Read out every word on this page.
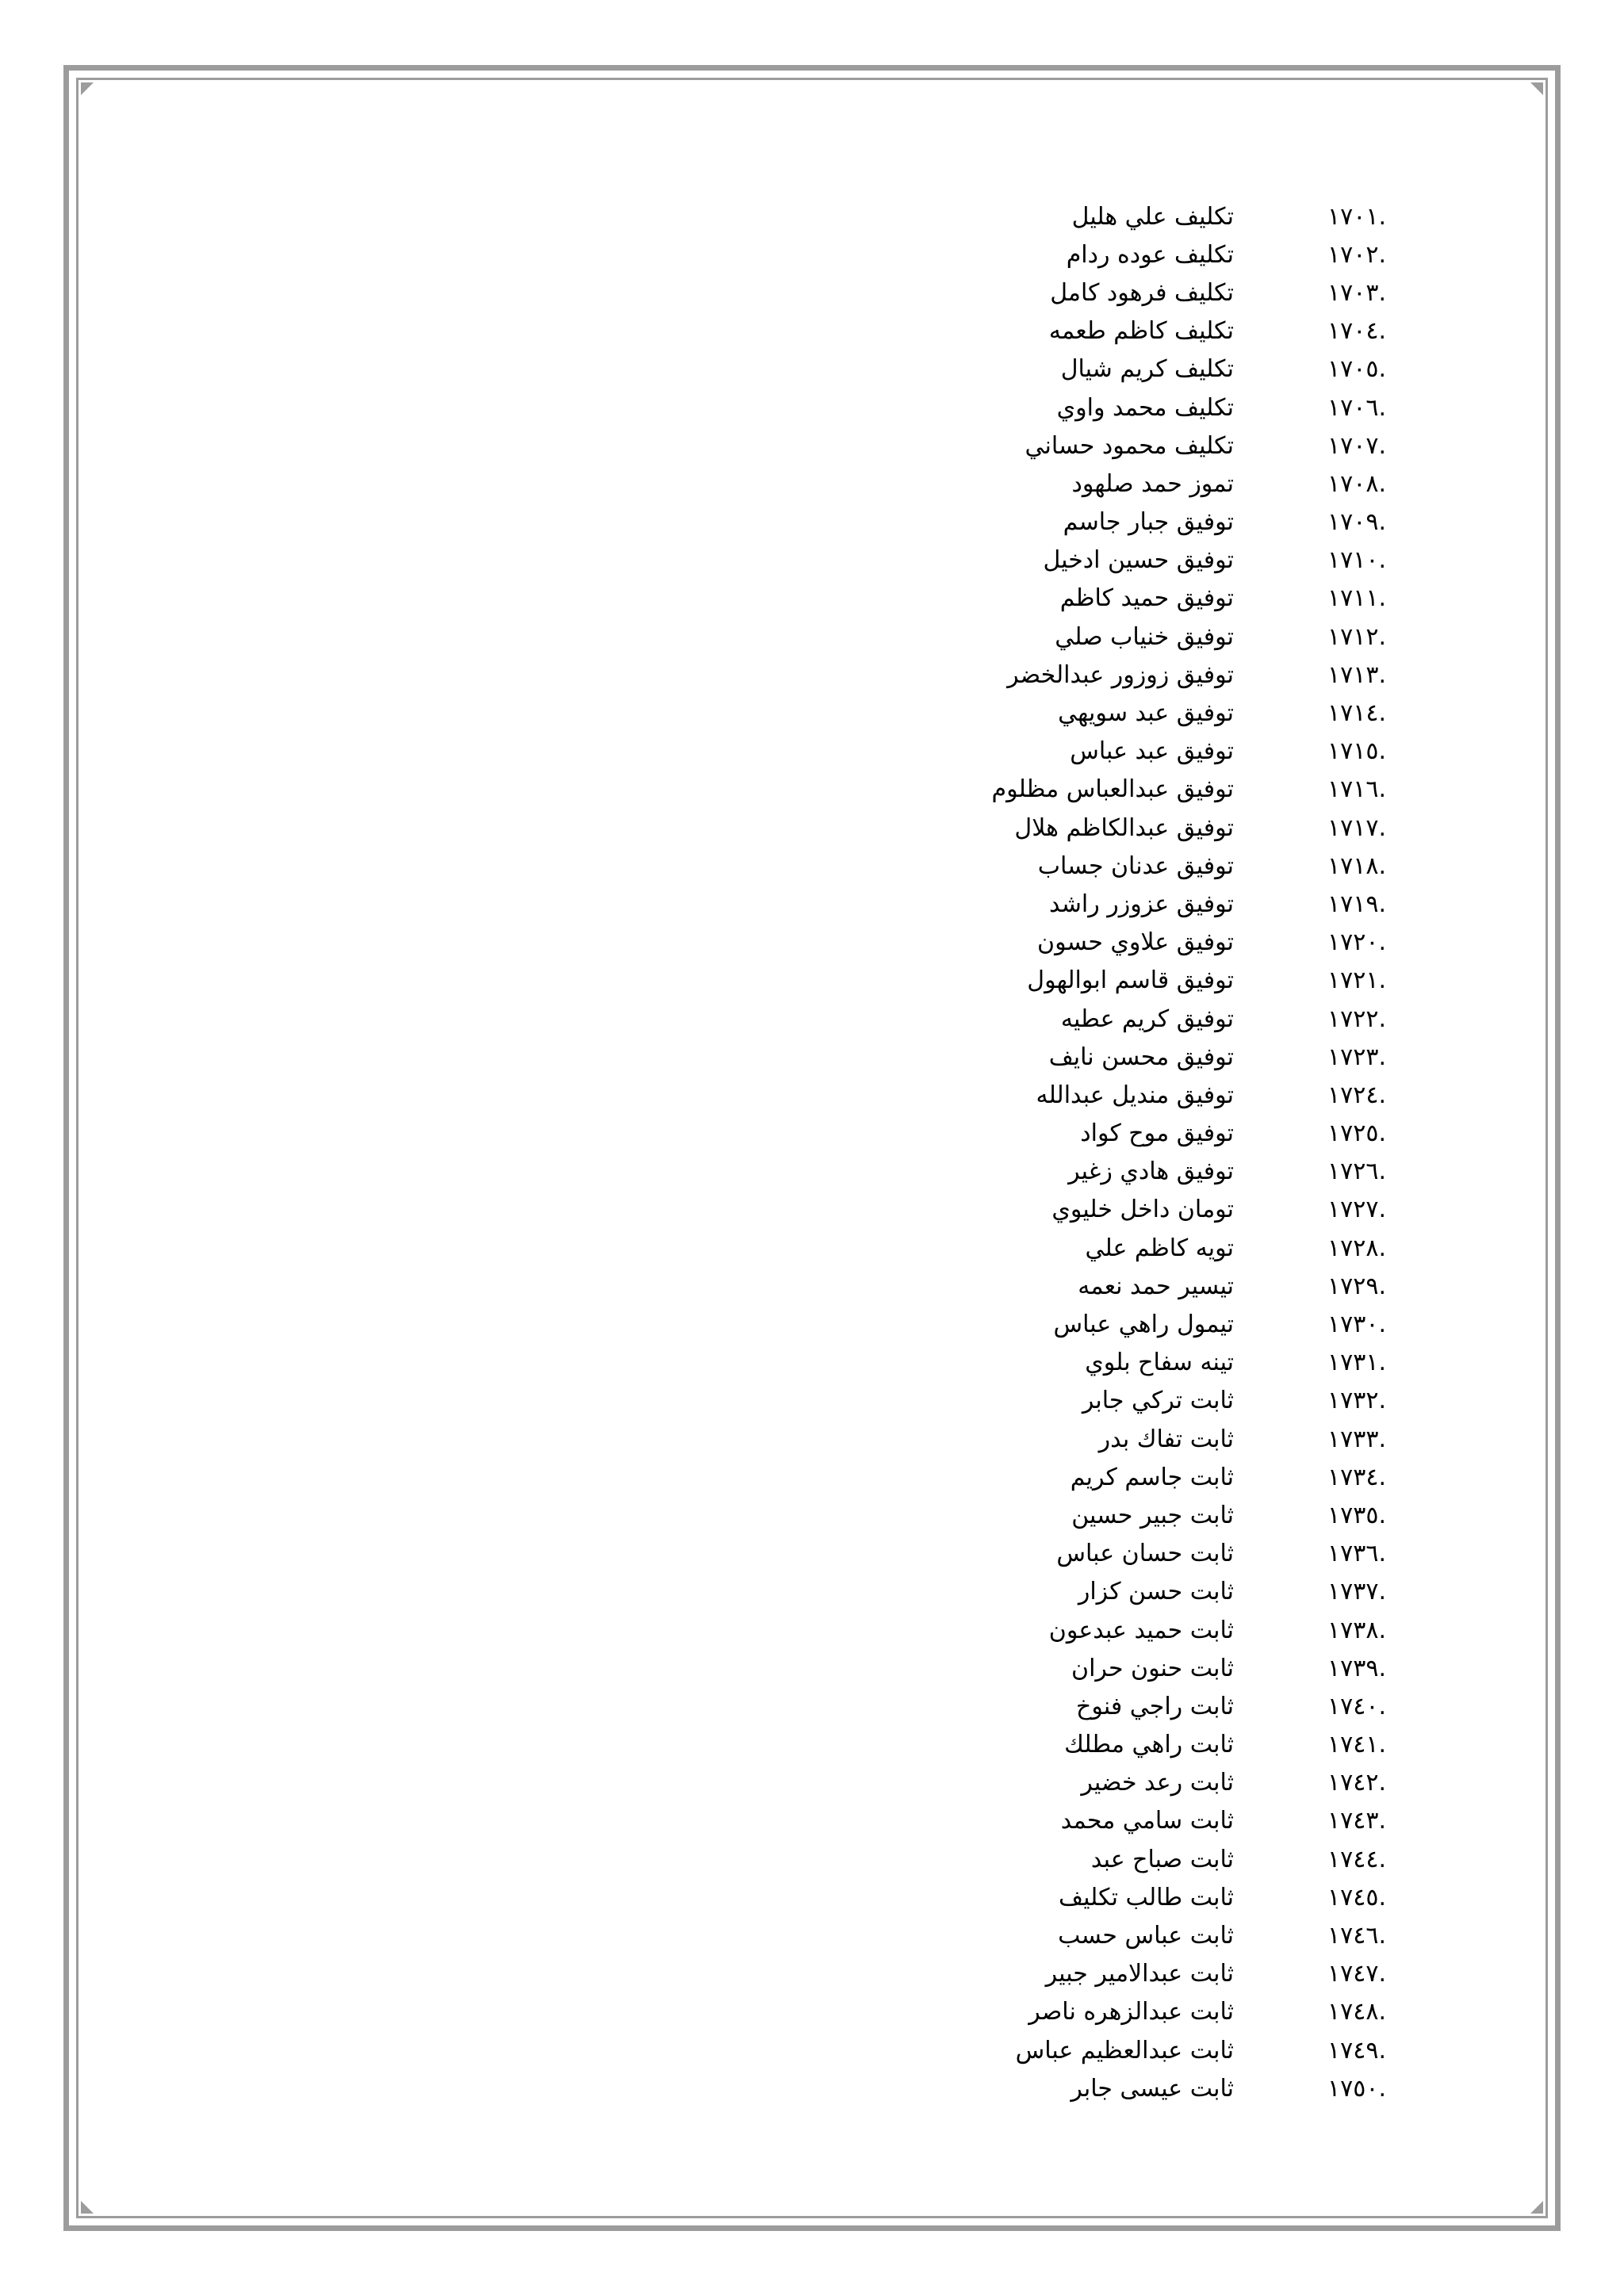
١٧٠١.
تكليف علي هليل
١٧٠٢.
تكليف عوده ردام
١٧٠٣.
تكليف فرهود كامل
١٧٠٤.
تكليف كاظم طعمه
١٧٠٥.
تكليف كريم شيال
١٧٠٦.
تكليف محمد واوي
١٧٠٧.
تكليف محمود حساني
١٧٠٨.
تموز حمد صلهود
١٧٠٩.
توفيق جبار جاسم
١٧١٠.
توفيق حسين ادخيل
١٧١١.
توفيق حميد كاظم
١٧١٢.
توفيق خنياب صلي
١٧١٣.
توفيق زوزور عبدالخضر
١٧١٤.
توفيق عبد سويهي
١٧١٥.
توفيق عبد عباس
١٧١٦.
توفيق عبدالعباس مظلوم
١٧١٧.
توفيق عبدالكاظم هلال
١٧١٨.
توفيق عدنان جساب
١٧١٩.
توفيق عزوزر راشد
١٧٢٠.
توفيق علاوي حسون
١٧٢١.
توفيق قاسم ابوالهول
١٧٢٢.
توفيق كريم عطيه
١٧٢٣.
توفيق محسن نايف
١٧٢٤.
توفيق منديل عبدالله
١٧٢٥.
توفيق موح كواد
١٧٢٦.
توفيق هادي زغير
١٧٢٧.
تومان داخل خليوي
١٧٢٨.
تويه كاظم علي
١٧٢٩.
تيسير حمد نعمه
١٧٣٠.
تيمول راهي عباس
١٧٣١.
تينه سفاح بلوي
١٧٣٢.
ثابت تركي جابر
١٧٣٣.
ثابت تفاك بدر
١٧٣٤.
ثابت جاسم كريم
١٧٣٥.
ثابت جبير حسين
١٧٣٦.
ثابت حسان عباس
١٧٣٧.
ثابت حسن كزار
١٧٣٨.
ثابت حميد عبدعون
١٧٣٩.
ثابت حنون حران
١٧٤٠.
ثابت راجي فنوخ
١٧٤١.
ثابت راهي مطلك
١٧٤٢.
ثابت رعد خضير
١٧٤٣.
ثابت سامي محمد
١٧٤٤.
ثابت صباح عبد
١٧٤٥.
ثابت طالب تكليف
١٧٤٦.
ثابت عباس حسب
١٧٤٧.
ثابت عبدالامير جبير
١٧٤٨.
ثابت عبدالزهره ناصر
١٧٤٩.
ثابت عبدالعظيم عباس
١٧٥٠.
ثابت عيسى جابر
